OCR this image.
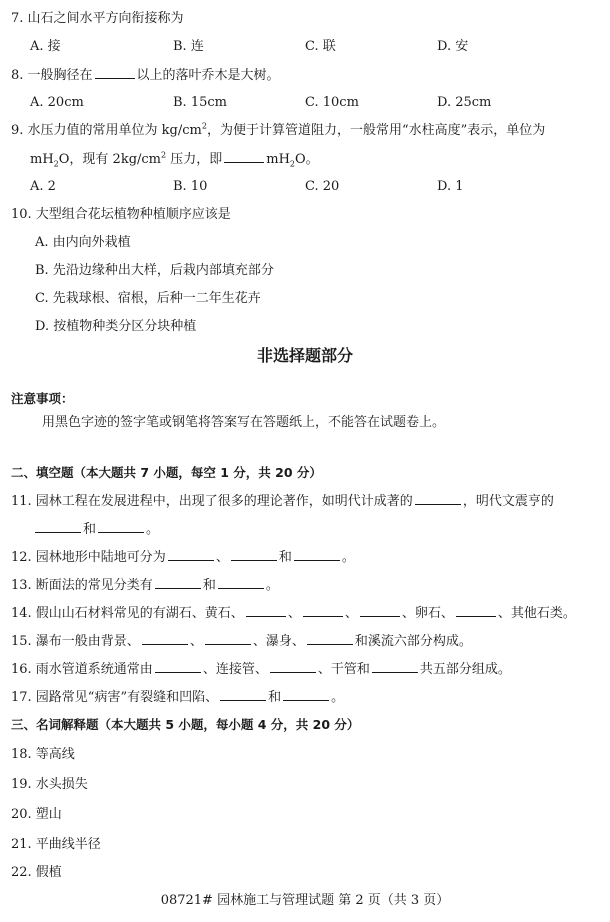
7. 山石之间水平方向衔接称为
A. 接	B. 连	C. 联	D. 安
8. 一般胸径在	以上的落叶乔木是大树。
A. 20cm	B. 15cm	C. 10cm	D. 25cm
9. 水压力值的常用单位为 $kg/cm^2$，为便于计算管道阻力，一般常用“水柱高度”表示，单位为
$mH_2O$，现有 $2kg/cm^2$ 压力，即	$mH_2O$。
A. 2	B. 10	C. 20	D. 1
10. 大型组合花坛植物种植顺序应该是
A. 由内向外栽植
B. 先沿边缘种出大样，后栽内部填充部分
C. 先栽球根、宿根，后种一二年生花卉
D. 按植物种类分区分块种植
非选择题部分
注意事项：
用黑色字迹的签字笔或钢笔将答案写在答题纸上，不能答在试题卷上。
二、填空题（本大题共 7 小题，每空 1 分，共 20 分）
11. 园林工程在发展进程中，出现了很多的理论著作，如明代计成著的	，明代文震亨的
和	。
12. 园林地形中陆地可分为	、	和	。
13. 断面法的常见分类有	和	。
14. 假山山石材料常见的有湖石、黄石、	、	、	、卵石、	、其他石类。
15. 瀑布一般由背景、	、	、瀑身、	和溪流六部分构成。
16. 雨水管道系统通常由	、连接管、	、干管和	共五部分组成。
17. 园路常见“病害”有裂缝和凹陷、	和	。
三、名词解释题（本大题共 5 小题，每小题 4 分，共 20 分）
18. 等高线
19. 水头损失
20. 塑山
21. 平曲线半径
22. 假植
08721# 园林施工与管理试题 第 2 页（共 3 页）
